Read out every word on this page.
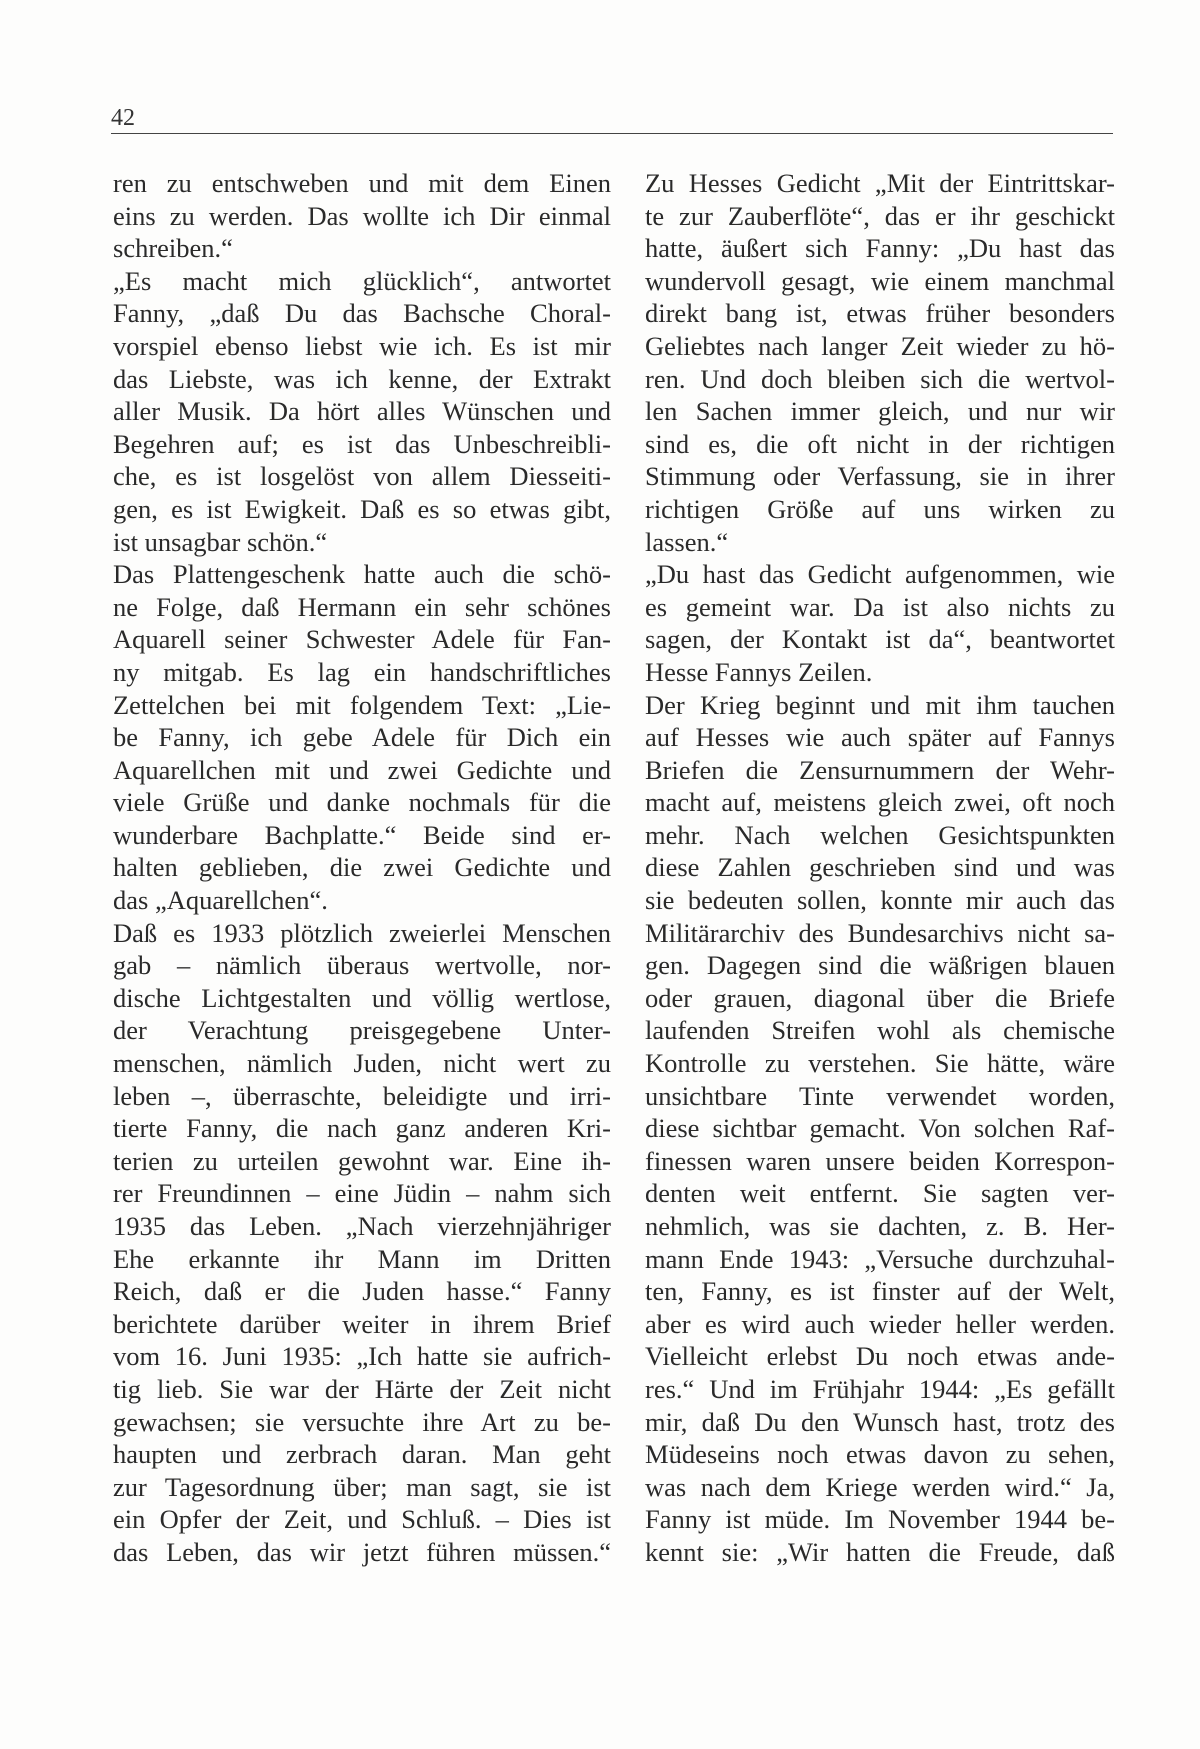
42
ren zu entschweben und mit dem Einen
eins zu werden. Das wollte ich Dir einmal
schreiben.“
„Es macht mich glücklich“, antwortet
Fanny, „daß Du das Bachsche Choral-
vorspiel ebenso liebst wie ich. Es ist mir
das Liebste, was ich kenne, der Extrakt
aller Musik. Da hört alles Wünschen und
Begehren auf; es ist das Unbeschreibli-
che, es ist losgelöst von allem Diesseiti-
gen, es ist Ewigkeit. Daß es so etwas gibt,
ist unsagbar schön.“
Das Plattengeschenk hatte auch die schö-
ne Folge, daß Hermann ein sehr schönes
Aquarell seiner Schwester Adele für Fan-
ny mitgab. Es lag ein handschriftliches
Zettelchen bei mit folgendem Text: „Lie-
be Fanny, ich gebe Adele für Dich ein
Aquarellchen mit und zwei Gedichte und
viele Grüße und danke nochmals für die
wunderbare Bachplatte.“ Beide sind er-
halten geblieben, die zwei Gedichte und
das „Aquarellchen“.
Daß es 1933 plötzlich zweierlei Menschen
gab – nämlich überaus wertvolle, nor-
dische Lichtgestalten und völlig wertlose,
der Verachtung preisgegebene Unter-
menschen, nämlich Juden, nicht wert zu
leben –, überraschte, beleidigte und irri-
tierte Fanny, die nach ganz anderen Kri-
terien zu urteilen gewohnt war. Eine ih-
rer Freundinnen – eine Jüdin – nahm sich
1935 das Leben. „Nach vierzehnjähriger
Ehe erkannte ihr Mann im Dritten
Reich, daß er die Juden hasse.“ Fanny
berichtete darüber weiter in ihrem Brief
vom 16. Juni 1935: „Ich hatte sie aufrich-
tig lieb. Sie war der Härte der Zeit nicht
gewachsen; sie versuchte ihre Art zu be-
haupten und zerbrach daran. Man geht
zur Tagesordnung über; man sagt, sie ist
ein Opfer der Zeit, und Schluß. – Dies ist
das Leben, das wir jetzt führen müssen.“
Zu Hesses Gedicht „Mit der Eintrittskar-
te zur Zauberflöte“, das er ihr geschickt
hatte, äußert sich Fanny: „Du hast das
wundervoll gesagt, wie einem manchmal
direkt bang ist, etwas früher besonders
Geliebtes nach langer Zeit wieder zu hö-
ren. Und doch bleiben sich die wertvol-
len Sachen immer gleich, und nur wir
sind es, die oft nicht in der richtigen
Stimmung oder Verfassung, sie in ihrer
richtigen Größe auf uns wirken zu
lassen.“
„Du hast das Gedicht aufgenommen, wie
es gemeint war. Da ist also nichts zu
sagen, der Kontakt ist da“, beantwortet
Hesse Fannys Zeilen.
Der Krieg beginnt und mit ihm tauchen
auf Hesses wie auch später auf Fannys
Briefen die Zensurnummern der Wehr-
macht auf, meistens gleich zwei, oft noch
mehr. Nach welchen Gesichtspunkten
diese Zahlen geschrieben sind und was
sie bedeuten sollen, konnte mir auch das
Militärarchiv des Bundesarchivs nicht sa-
gen. Dagegen sind die wäßrigen blauen
oder grauen, diagonal über die Briefe
laufenden Streifen wohl als chemische
Kontrolle zu verstehen. Sie hätte, wäre
unsichtbare Tinte verwendet worden,
diese sichtbar gemacht. Von solchen Raf-
finessen waren unsere beiden Korrespon-
denten weit entfernt. Sie sagten ver-
nehmlich, was sie dachten, z. B. Her-
mann Ende 1943: „Versuche durchzuhal-
ten, Fanny, es ist finster auf der Welt,
aber es wird auch wieder heller werden.
Vielleicht erlebst Du noch etwas ande-
res.“ Und im Frühjahr 1944: „Es gefällt
mir, daß Du den Wunsch hast, trotz des
Müdeseins noch etwas davon zu sehen,
was nach dem Kriege werden wird.“ Ja,
Fanny ist müde. Im November 1944 be-
kennt sie: „Wir hatten die Freude, daß
